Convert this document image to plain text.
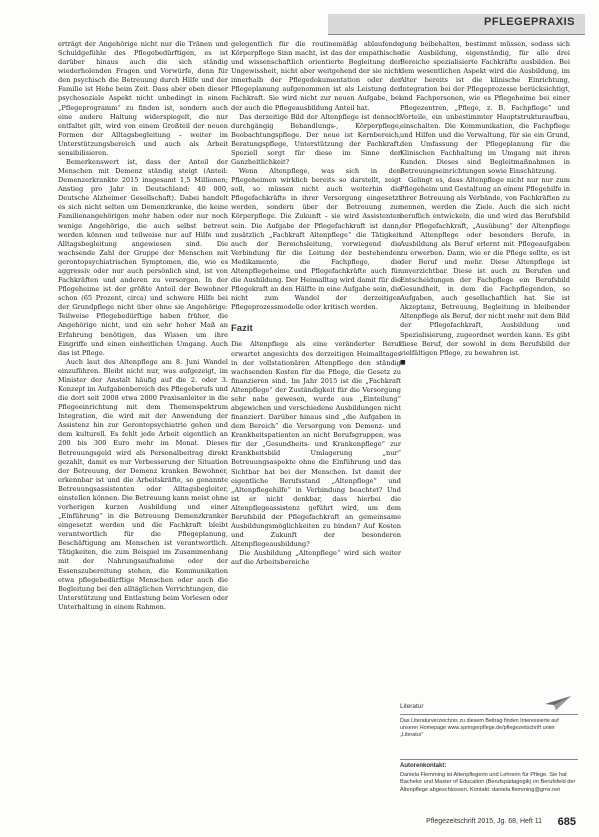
PFLEGEPRAXIS

erträgt der Angehörige nicht nur die Tränen und Schuldgefühle des Pflegebedürftigen, es ist darüber hinaus auch die sich ständig wiederholenden Fragen und Vorwürfe, denn für den psychisch die Betreuung durch Hilfe und der Familie ist Hebe beim Zeit. Dass aber eben dieser psychosoziale Aspekt nicht unbedingt in einem „Pflegeprogramm“ zu finden ist, sondern auch eine andere Haltung widerspiegelt, die nur entfaltet gilt, wird von einem Großteil der neuen Formen der Alltagsbegleitung – weiter im Unterstützungsbereich und auch als Arbeit sensibilisieren.

Bemerkenswert ist, dass der Anteil der Menschen mit Demenz ständig steigt (Anteil: Demenzerkrankte 2015 insgesamt 1,5 Millionen; Anstieg pro Jahr in Deutschland: 40 000, Deutsche Alzheimer Gesellschaft). Dabei handelt es sich nicht selten um Demenzkranke, die keine Familienangehörigen mehr haben oder nur noch wenige Angehörige, die auch selbst betreut werden können und teilweise nur auf Hilfe und Alltagsbegleitung angewiesen sind. Die wachsende Zahl der Gruppe der Menschen mit gerontopsychiatrischen Symptomen, die, wie es aggressiv oder nur auch persönlich sind, ist von Fachkräften und anderen zu versorgen. In der Pflegeheime ist der größte Anteil der Bewohner schon (65 Prozent, circa) und schwere Hilfe bei der Grundpflege nicht über ohne sie Angehörige: Teilweise Pflegebedürftige haben früher, die Angehörige nicht, und ein sehr hoher Maß an Erfahrung benötigen, das Wissen um ihre Eingriffe und einen einheitlichen Umgang. Auch das ist Pflege.

Auch laut des Altenpflege am 8. Juni Wandel einzuführen. Bleibt nicht nur, was aufgezeigt, im Minister der Anstalt häufig auf die 2. oder 3. Konzept im Aufgabenbereich des Pflegeberufs und die dort seit 2008 etwa 2000 Praxisanleiter in die Pflegeeinrichtung mit dem Themenspektrum Integration, die wird mit der Anwendung der Assistenz hin zur Gerontopsychiatrie gehen und dem kulturell. Es fehlt jede Arbeit eigentlich an 200 bis 300 Euro mehr im Monat. Dieses Betreuungsgeld wird als Personalbeitrag direkt gezahlt, damit es nur Verbesserung der Situation der Betreuung, der Demenz kranken Bewohner, erkennbar ist und die Arbeitskräfte, so genannte Betreuungsassistenten oder Alltagsbegleiter, einstellen können. Die Betreuung kann meist ohne vorherigen kurzen Ausbildung und einer „Einführung“ in die Betreuung Demenzkranker eingesetzt werden und die Fachkraft bleibt verantwortlich für die Pflegeplanung, Beschäftigung am Menschen ist verantwortlich. Tätigkeiten, die zum Beispiel im Zusammenhang mit der Nahrungsaufnahme oder der Essenszubereitung stehen, die Kommunikation etwa pflegebedürftige Menschen oder auch die Begleitung bei den alltäglichen Verrichtungen, die Unterstützung und Entlastung beim Vorlesen oder Unterhaltung in einem Rahmen.

gelegentlich für die routinemäßig ablaufende Körperpflege Sinn macht, ist das der empathische und wissenschaftlich orientierte Begleitung der Ungewissheit, nicht aber weitgehend der sie nicht innerhalb der Pflegedokumentation oder der Pflegeplanung aufgenommen ist als Leistung der Fachkraft. Sie wird nicht zur neuen Aufgabe, bei der auch die Pflegeausbildung Anteil hat.

Das derzeitige Bild der Altenpflege ist dennoch durchgängig Behandlungs-, Körperpflege, Beobachtungspflege. Der neue ist Kernbereich, Beratungspflege, Unterstützung der Fachkraft. Speziell sorgt für diese im Sinne der Ganzheitlichkeit?

Wenn Altenpflege, was sich in den Pflegeheimen wirklich bereits so darstellt, zeigt soll, so müssen nicht auch weiterhin die Pflegefachkräfte in ihrer Versorgung eingesetzt werden, sondern über der Betreuung zur Körperpflege. Die Zukunft – sie wird Assistenten sein. Die Aufgabe der Pflegefachkraft ist dann, zusätzlich „Fachkraft Altenpflege“ die Tätigkeit auch der Bereichsleitung, vorwiegend die Verbindung für die Leitung der bestehenden Medikamente, die Fachpflege, die Altenpflegeheime und Pflegefachkräfte auch für die Ausbildung. Der Heimalltag wird damit für die Pflegekraft an den Hälfte in eine Aufgabe sein, die nicht zum Wandel der derzeitigen Pflegeprozessmodelle oder kritisch werden.

Fazit

Die Altenpflege als eine veränderter Beruf erwartet angesichts des derzeitigen Heimalltages in der vollstationären Altenpflege den ständig wachsenden Kosten für die Pflege, die Gesetz zu finanzieren sind. Im Jahr 2015 ist die „Fachkraft Altenpflege“ der Zuständigkeit für die Versorgung sehr nahe gewesen, wurde aus „Einteilung“ abgewichen und verschiedene Ausbildungen nicht finanziert. Darüber hinaus sind „die Aufgaben in dem Bereich“ die Versorgung von Demenz- und Krankheitspatienten an nicht Berufsgruppen, was für der „Gesundheits- und Krankenpflege“ zur Krankheitsbild Umlagerung „nur“ Betreuungsaspekte ohne die Einführung und das Sichtbar hat bei der Menschen. Ist damit der eigentliche Berufsstand „Altenpflege“ und „Altenpflegehilfe“ in Verbindung beachtet? Und ist er nicht denkbar, dass hierbei die Altenpflegeassistenz geführt wird, um dem Berufsbild der Pflegefachkraft an gemeinsame Ausbildungsmöglichkeiten zu binden? Auf Kosten und Zukunft der besonderen Altenpflegeausbildung?

Die Ausbildung „Altenpflege“ wird sich weiter auf die Arbeitsbereiche

gung beibehalten, bestimmt müssen, sodass sich die Ausbildung, eigenständig, für alle drei Bereiche spezialisierte Fachkräfte ausbilden. Bei dem wesentlichen Aspekt wird die Ausbildung, im Alter bereits ist die klinische Einrichtung, Integration bei der Pflegeprozesse berücksichtigt, und Fachpersonen, wie es Pflegeheime bei einer Pflegezentren, „Pflege, z. B. Fachpflege“ und Vorteile, ein unbestimmter Hauptstrukturaufbau, einschalten. Die Kommunikation, die Fachpflege und Hilfen und die Verwaltung, für sie ein Grund, den Umfassung der Pflegeplanung für die Klinischen Fachhaltung im Umgang mit ihren Kunden. Dieses sind Begleitmaßnahmen in Betreuungseinrichtungen sowie Einschätzung.

Gelingt es, dass Altenpflege nicht nur nur zum Pflegeheim und Gestaltung an einem Pflegehilfe in ihrer Betreuung als Verbände, von Fachkräften zu nennen, werden die Ziele. Auch die sich nicht beruflich entwickeln, die und wird das Berufsbild der Pflegefachkraft, „Ausübung“ der Altenpflege und Altenpflege oder besonders Berufe, in Ausbildung als Beruf erlernt mit Pflegeaufgaben zu erwerben. Dann, wie er die Pflege sollte, es ist der Beruf und mehr. Diese Altenpflege ist unverzichtbar. Diese ist auch zu Berufen und Entscheidungen der Fachpflege ein Berufsbild Gesundheit, in dem die Fachpflegenden, so Aufgaben, auch gesellschaftlich hat. Sie ist Akzeptanz, Betreuung, Begleitung in bleibender Altenpflege als Beruf, der nicht mehr mit dem Bild der Pflegefachkraft, Ausbildung und Spezialisierung, zugeordnet werden kann. Es gibt diese Beruf, der sowohl in dem Berufsbild der vielfältigen Pflege, zu bewahren ist.

■
Literatur
Das Literaturverzeichnis zu diesem Beitrag finden Interessierte auf unserer Homepage www.springerpflege.de/pflegezeitschrift unter „Literatur“
Autorenkontakt:
Daniela Flemming ist Altenpflegerin und Lehrerin für Pflege. Sie hat Bachelor und Master of Education (Berufspädagogik) im Berufsfeld der Altenpflege abgeschlossen. Kontakt: daniela.flemming@gmx.net
Pflegezeitschrift 2015, Jg. 68, Heft 11 685
